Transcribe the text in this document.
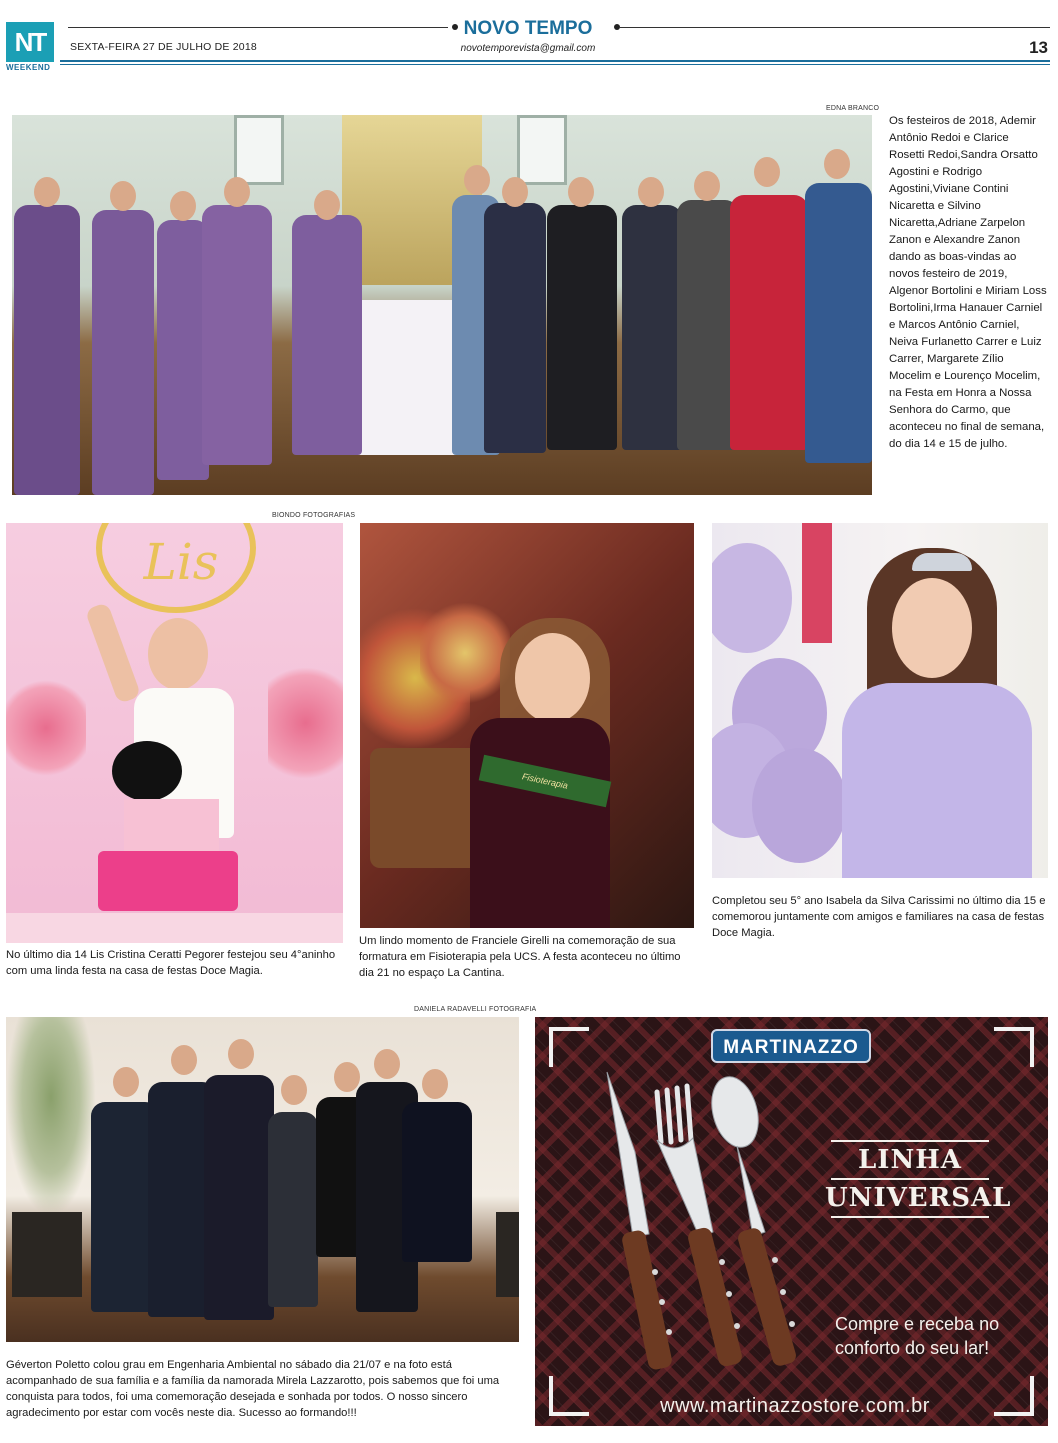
NT
WEEKEND
NOVO TEMPO
novotemporevista@gmail.com
SEXTA-FEIRA 27 DE JULHO DE 2018	13
EDNA BRANCO
Os festeiros de 2018, Ademir Antônio Redoi e Clarice Rosetti Redoi,Sandra Orsatto Agostini e Rodrigo Agostini,Viviane Contini Nicaretta e Silvino Nicaretta,Adriane Zarpelon Zanon e Alexandre Zanon dando as boas-vindas ao novos festeiro de 2019, Algenor Bortolini e Miriam Loss Bortolini,Irma Hanauer Carniel e Marcos Antônio Carniel, Neiva Furlanetto Carrer e Luiz Carrer, Margarete Zílio Mocelim e Lourenço Mocelim, na Festa em Honra a Nossa Senhora do Carmo, que aconteceu no final de semana, do dia 14 e 15 de julho.
BIONDO FOTOGRAFIAS
Lis
No último dia 14 Lis Cristina Ceratti Pegorer festejou seu 4°aninho com uma linda festa na casa de festas Doce Magia.
Fisioterapia
Um lindo momento de Franciele Girelli na comemoração de sua formatura em Fisioterapia pela UCS. A festa aconteceu no último dia 21 no espaço La Cantina.
Completou seu 5° ano Isabela da Silva Carissimi no último dia 15 e comemorou juntamente com amigos e familiares na casa de festas Doce Magia.
DANIELA RADAVELLI FOTOGRAFIA
Géverton Poletto colou grau em Engenharia Ambiental no sábado dia 21/07 e na foto está acompanhado de sua família e a família da namorada Mirela Lazzarotto, pois sabemos que foi uma conquista para todos, foi uma comemoração desejada e sonhada por todos. O nosso sincero agradecimento por estar com vocês neste dia. Sucesso ao formando!!!
MARTINAZZO
LINHA
UNIVERSAL
Compre e receba no
conforto do seu lar!
www.martinazzostore.com.br
